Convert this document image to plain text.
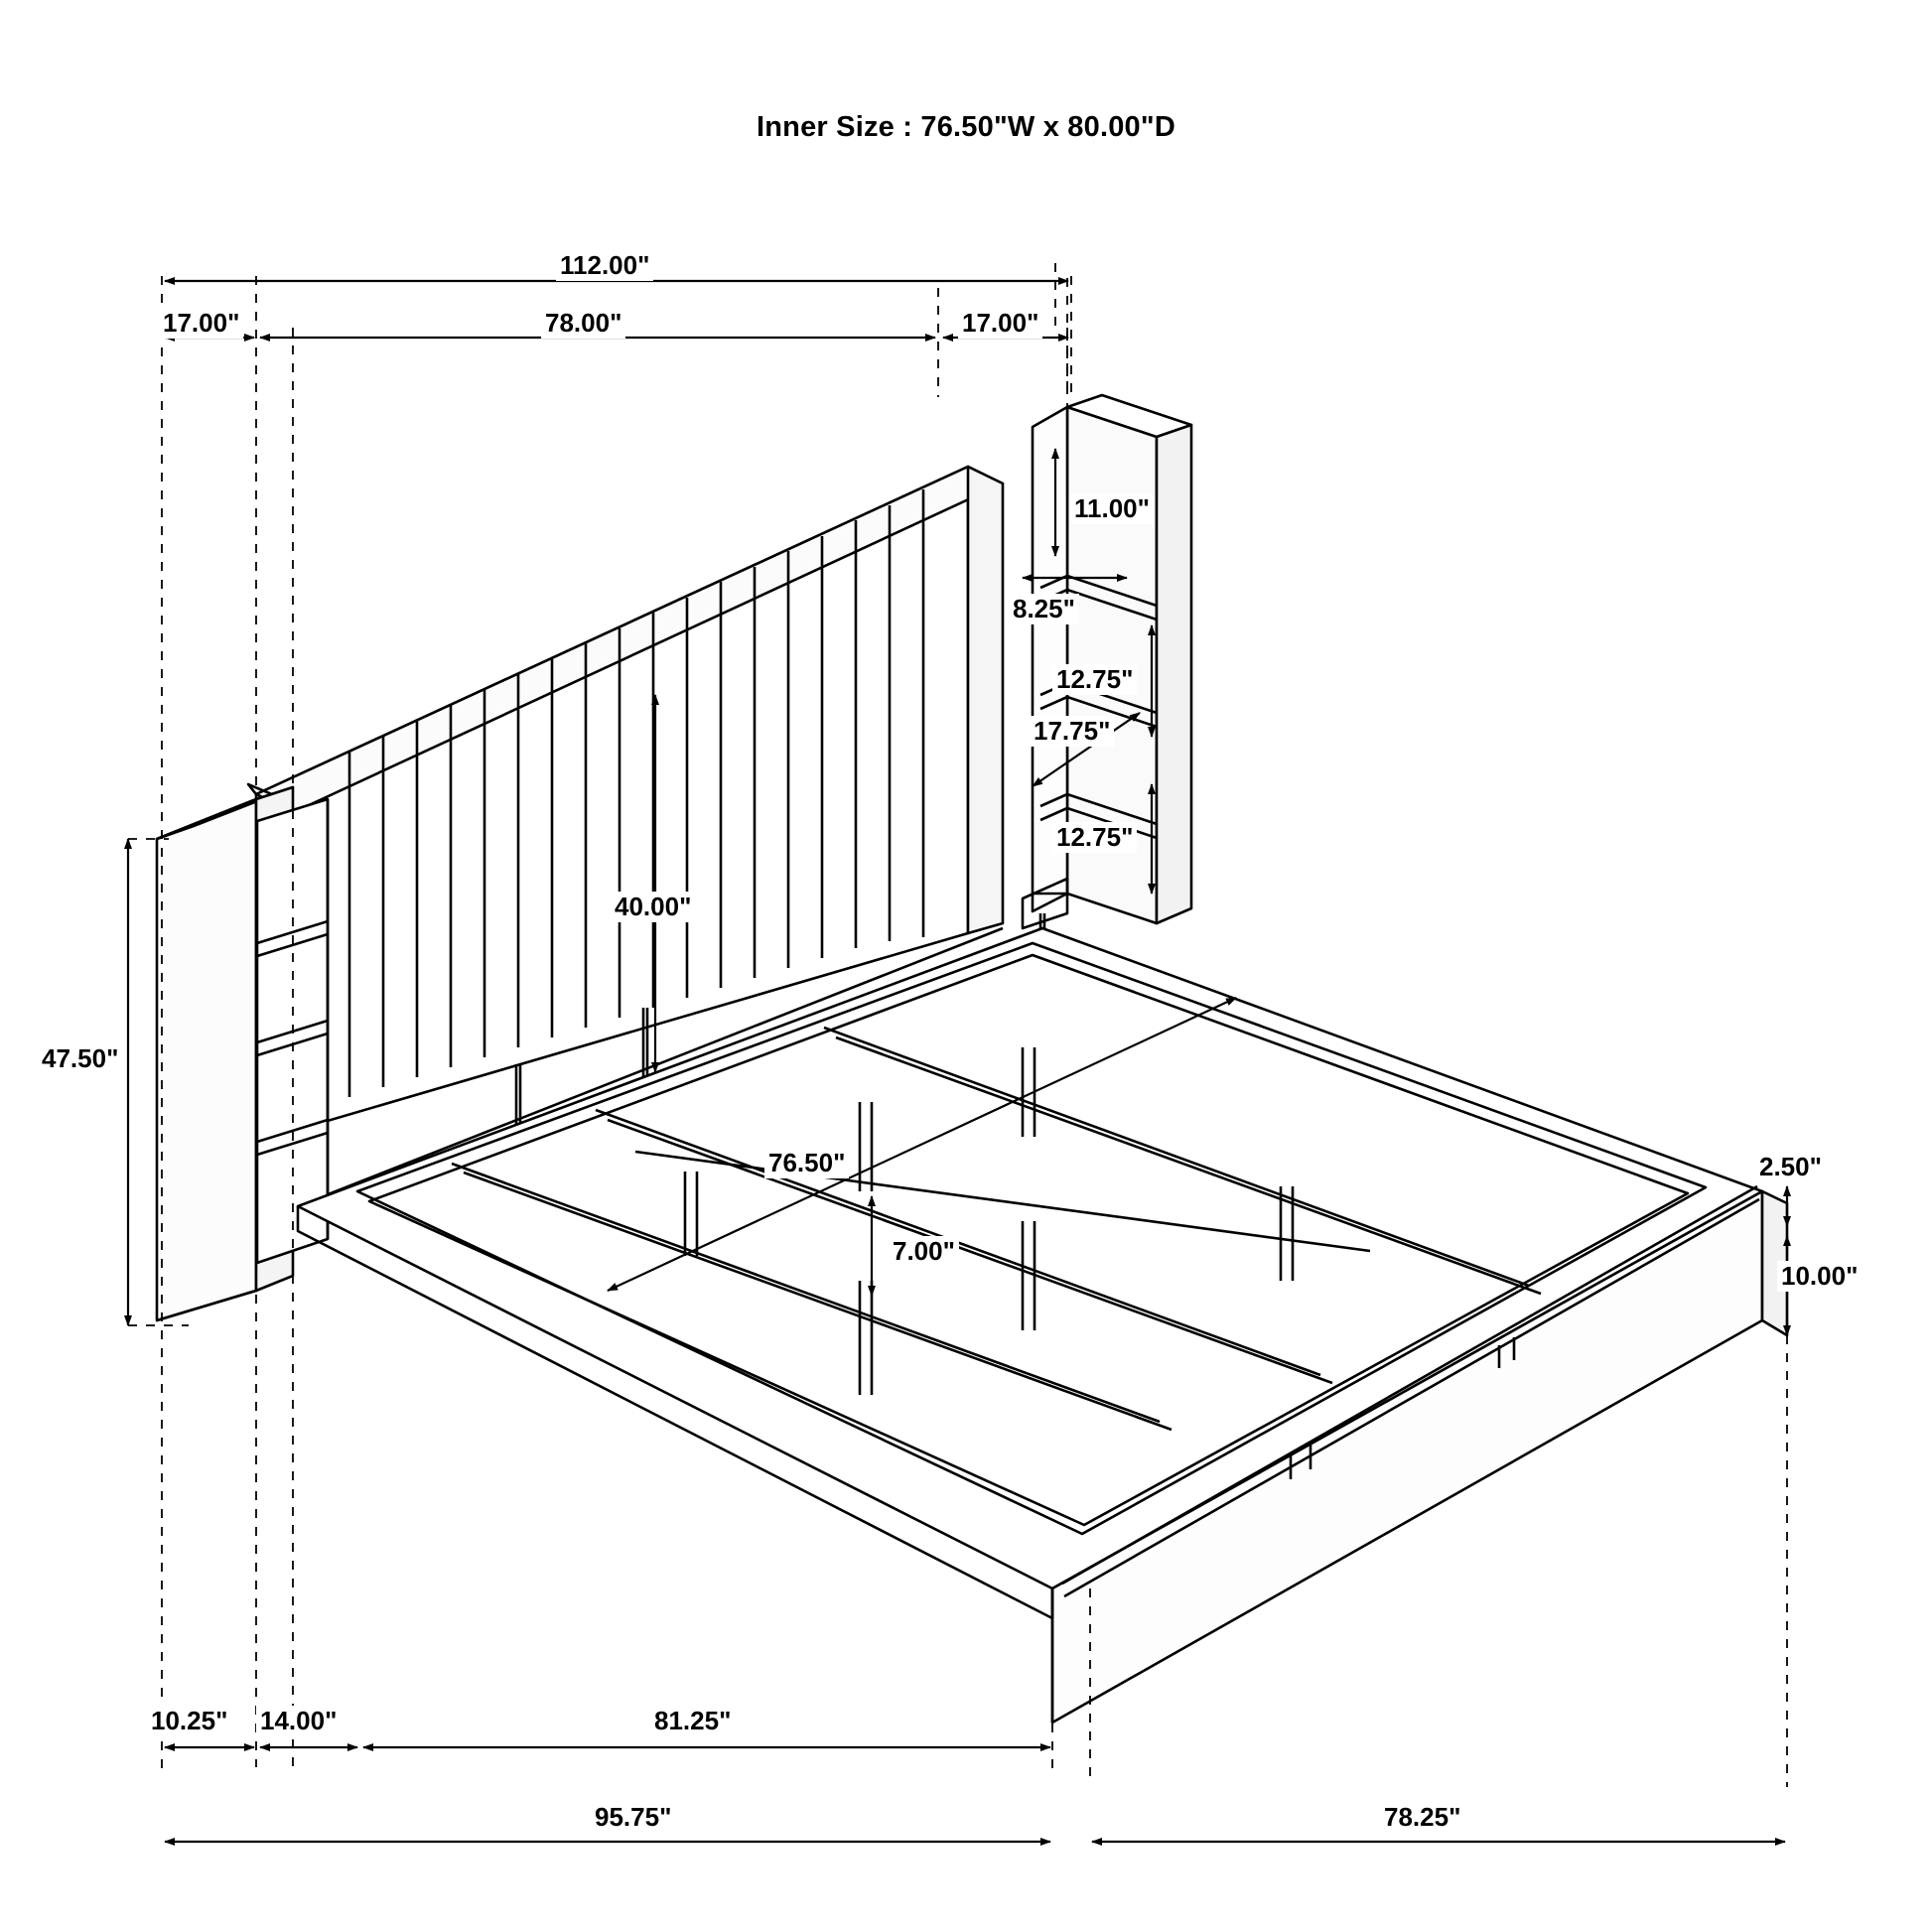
Inner Size : 76.50"W x 80.00"D
112.00"
17.00"	78.00"	17.00"
11.00"
8.25"
12.75"
17.75"
12.75"
40.00"
47.50"
76.50"
7.00"
2.50"
10.00"
10.25" 14.00"	81.25"
95.75"	78.25"
